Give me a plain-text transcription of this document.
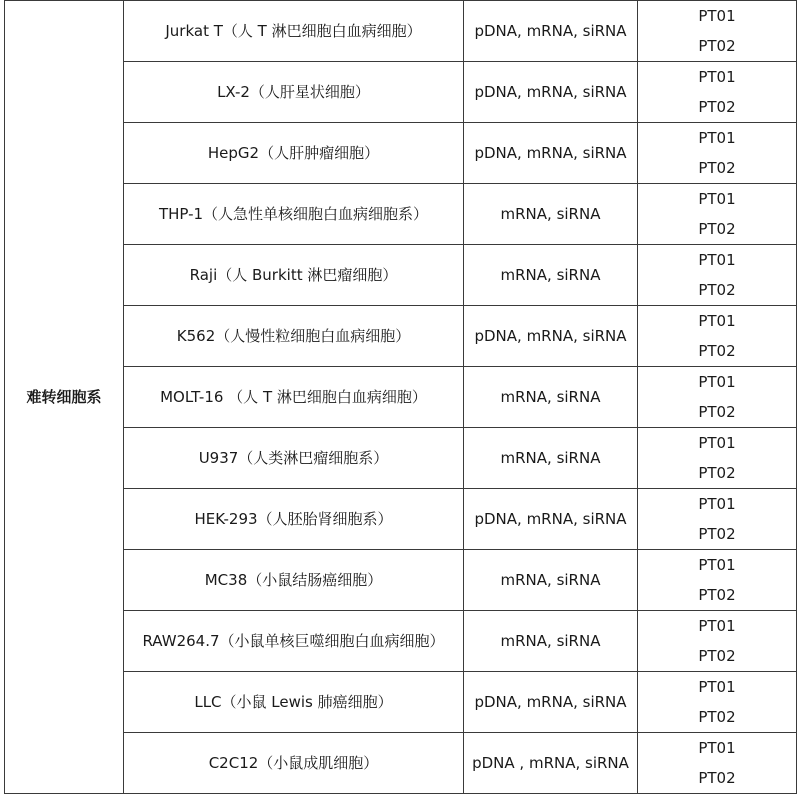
难转细胞系	Jurkat T（人 T 淋巴细胞白血病细胞）	pDNA, mRNA, siRNA	PT01
PT02

	LX-2（人肝星状细胞）	pDNA, mRNA, siRNA	PT01
PT02

	HepG2（人肝肿瘤细胞）	pDNA, mRNA, siRNA	PT01
PT02

	THP-1（人急性单核细胞白血病细胞系）	mRNA, siRNA	PT01
PT02

	Raji（人 Burkitt 淋巴瘤细胞）	mRNA, siRNA	PT01
PT02

	K562（人慢性粒细胞白血病细胞）	pDNA, mRNA, siRNA	PT01
PT02

	MOLT-16 （人 T 淋巴细胞白血病细胞）	mRNA, siRNA	PT01
PT02

	U937（人类淋巴瘤细胞系）	mRNA, siRNA	PT01
PT02

	HEK-293（人胚胎肾细胞系）	pDNA, mRNA, siRNA	PT01
PT02

	MC38（小鼠结肠癌细胞）	mRNA, siRNA	PT01
PT02

	RAW264.7（小鼠单核巨噬细胞白血病细胞）	mRNA, siRNA	PT01
PT02

	LLC（小鼠 Lewis 肺癌细胞）	pDNA, mRNA, siRNA	PT01
PT02

	C2C12（小鼠成肌细胞）	pDNA , mRNA, siRNA	PT01
PT02
